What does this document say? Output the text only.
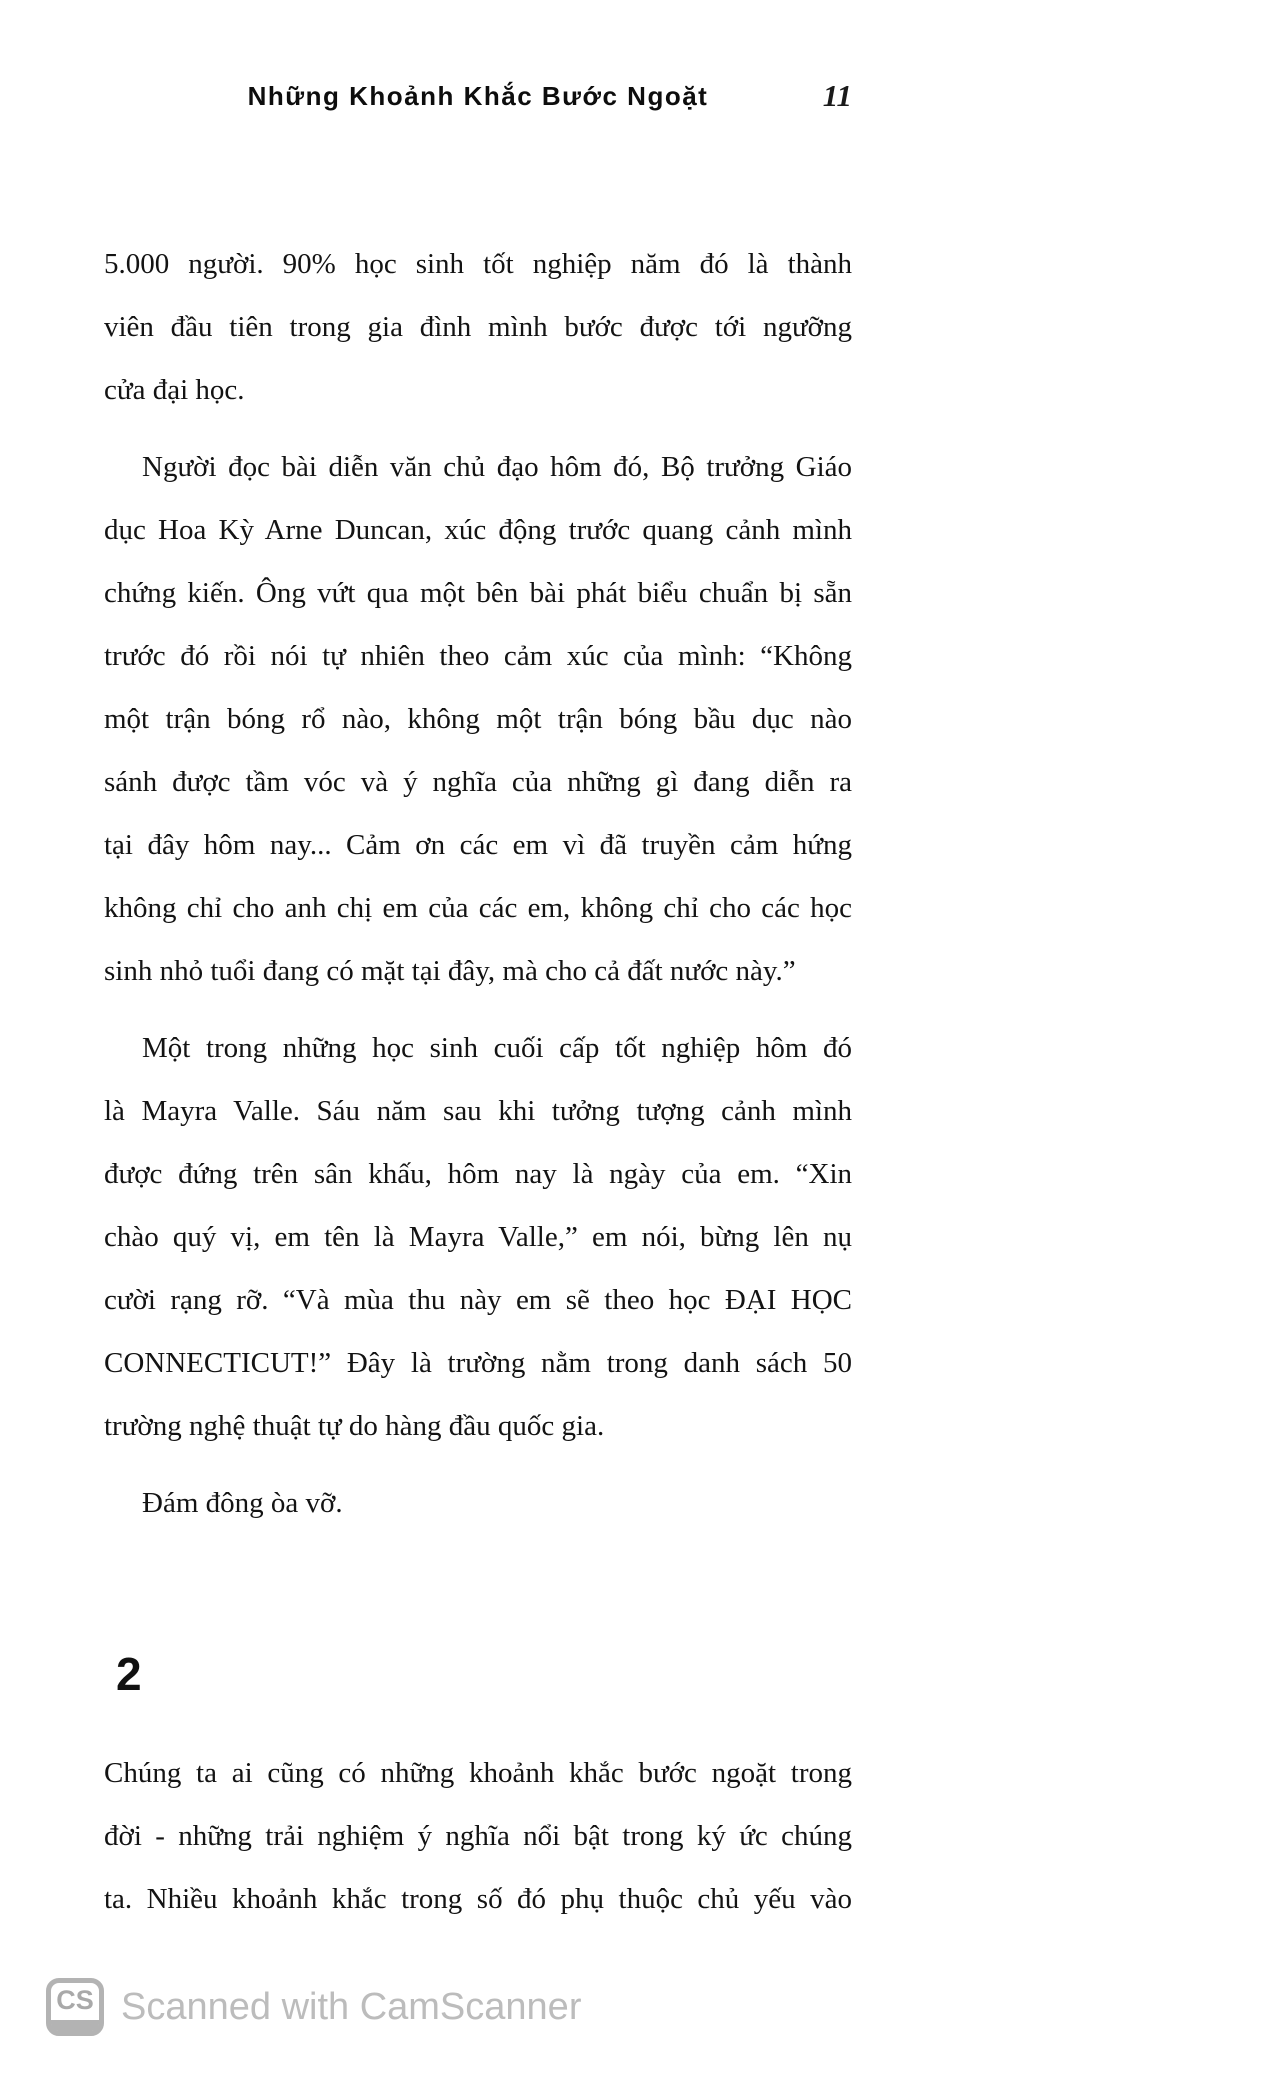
Những Khoảnh Khắc Bước Ngoặt	11
5.000 người. 90% học sinh tốt nghiệp năm đó là thành
viên đầu tiên trong gia đình mình bước được tới ngưỡng
cửa đại học.
Người đọc bài diễn văn chủ đạo hôm đó, Bộ trưởng Giáo
dục Hoa Kỳ Arne Duncan, xúc động trước quang cảnh mình
chứng kiến. Ông vứt qua một bên bài phát biểu chuẩn bị sẵn
trước đó rồi nói tự nhiên theo cảm xúc của mình: “Không
một trận bóng rổ nào, không một trận bóng bầu dục nào
sánh được tầm vóc và ý nghĩa của những gì đang diễn ra
tại đây hôm nay... Cảm ơn các em vì đã truyền cảm hứng
không chỉ cho anh chị em của các em, không chỉ cho các học
sinh nhỏ tuổi đang có mặt tại đây, mà cho cả đất nước này.”
Một trong những học sinh cuối cấp tốt nghiệp hôm đó
là Mayra Valle. Sáu năm sau khi tưởng tượng cảnh mình
được đứng trên sân khấu, hôm nay là ngày của em. “Xin
chào quý vị, em tên là Mayra Valle,” em nói, bừng lên nụ
cười rạng rỡ. “Và mùa thu này em sẽ theo học ĐẠI HỌC
CONNECTICUT!” Đây là trường nằm trong danh sách 50
trường nghệ thuật tự do hàng đầu quốc gia.
Đám đông òa vỡ.
2
Chúng ta ai cũng có những khoảnh khắc bước ngoặt trong
đời - những trải nghiệm ý nghĩa nổi bật trong ký ức chúng
ta. Nhiều khoảnh khắc trong số đó phụ thuộc chủ yếu vào
CS Scanned with CamScanner
